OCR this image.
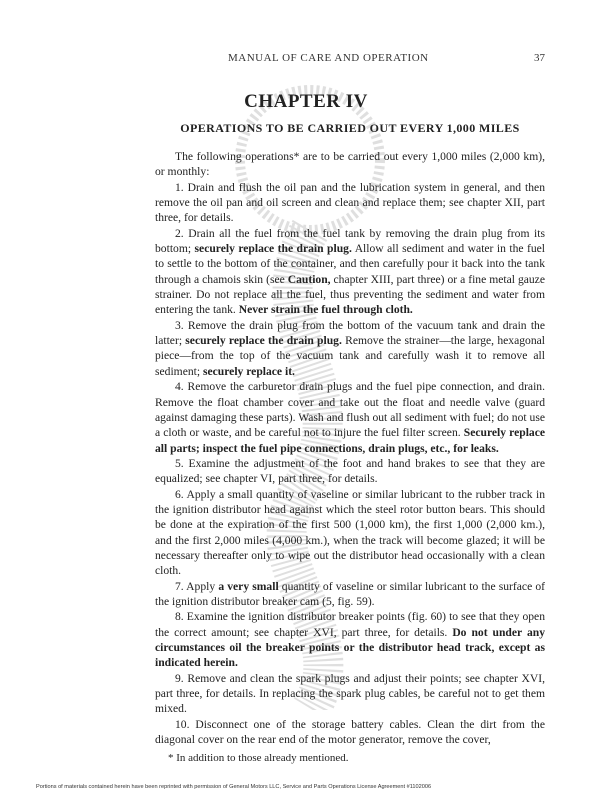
MANUAL OF CARE AND OPERATION	37
CHAPTER IV
OPERATIONS TO BE CARRIED OUT EVERY 1,000 MILES

The following operations* are to be carried out every 1,000 miles (2,000 km), or monthly:

1. Drain and flush the oil pan and the lubrication system in general, and then remove the oil pan and oil screen and clean and replace them; see chapter XII, part three, for details.

2. Drain all the fuel from the fuel tank by removing the drain plug from its bottom; securely replace the drain plug. Allow all sediment and water in the fuel to settle to the bottom of the container, and then carefully pour it back into the tank through a chamois skin (see Caution, chapter XIII, part three) or a fine metal gauze strainer. Do not replace all the fuel, thus preventing the sediment and water from entering the tank. Never strain the fuel through cloth.

3. Remove the drain plug from the bottom of the vacuum tank and drain the latter; securely replace the drain plug. Remove the strainer—the large, hexagonal piece—from the top of the vacuum tank and carefully wash it to remove all sediment; securely replace it.

4. Remove the carburetor drain plugs and the fuel pipe connection, and drain. Remove the float chamber cover and take out the float and needle valve (guard against damaging these parts). Wash and flush out all sediment with fuel; do not use a cloth or waste, and be careful not to injure the fuel filter screen. Securely replace all parts; inspect the fuel pipe connections, drain plugs, etc., for leaks.

5. Examine the adjustment of the foot and hand brakes to see that they are equalized; see chapter VI, part three, for details.

6. Apply a small quantity of vaseline or similar lubricant to the rubber track in the ignition distributor head against which the steel rotor button bears. This should be done at the expiration of the first 500 (1,000 km), the first 1,000 (2,000 km.), and the first 2,000 miles (4,000 km.), when the track will become glazed; it will be necessary thereafter only to wipe out the distributor head occasionally with a clean cloth.

7. Apply a very small quantity of vaseline or similar lubricant to the surface of the ignition distributor breaker cam (5, fig. 59).

8. Examine the ignition distributor breaker points (fig. 60) to see that they open the correct amount; see chapter XVI, part three, for details. Do not under any circumstances oil the breaker points or the distributor head track, except as indicated herein.

9. Remove and clean the spark plugs and adjust their points; see chapter XVI, part three, for details. In replacing the spark plug cables, be careful not to get them mixed.

10. Disconnect one of the storage battery cables. Clean the dirt from the diagonal cover on the rear end of the motor generator, remove the cover,

* In addition to those already mentioned.
Portions of materials contained herein have been reprinted with permission of General Motors LLC, Service and Parts Operations License Agreement #1102006
